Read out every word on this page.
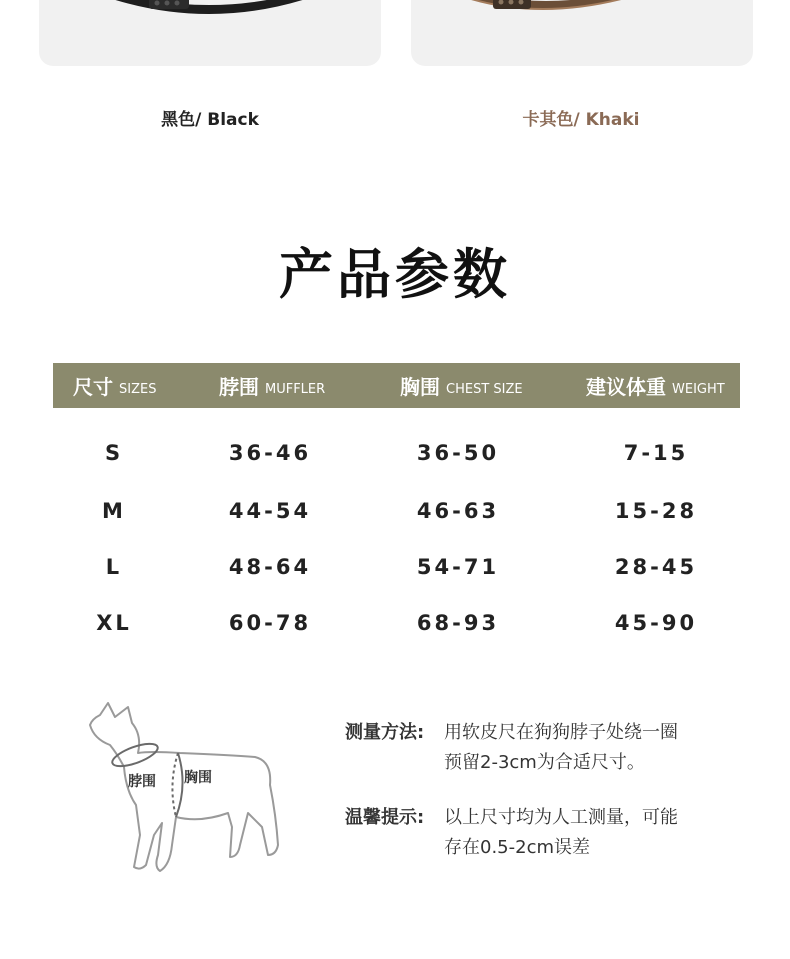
黑色/ Black	卡其色/ Khaki
产品参数
尺寸 SIZES	脖围 MUFFLER	胸围 CHEST SIZE	建议体重 WEIGHT
S	36-46	36-50	7-15
M	44-54	46-63	15-28
L	48-64	54-71	28-45
XL	60-78	68-93	45-90
脖围 胸围
测量方法: 用软皮尺在狗狗脖子处绕一圈
预留2-3cm为合适尺寸。
温馨提示: 以上尺寸均为人工测量，可能
存在0.5-2cm误差
